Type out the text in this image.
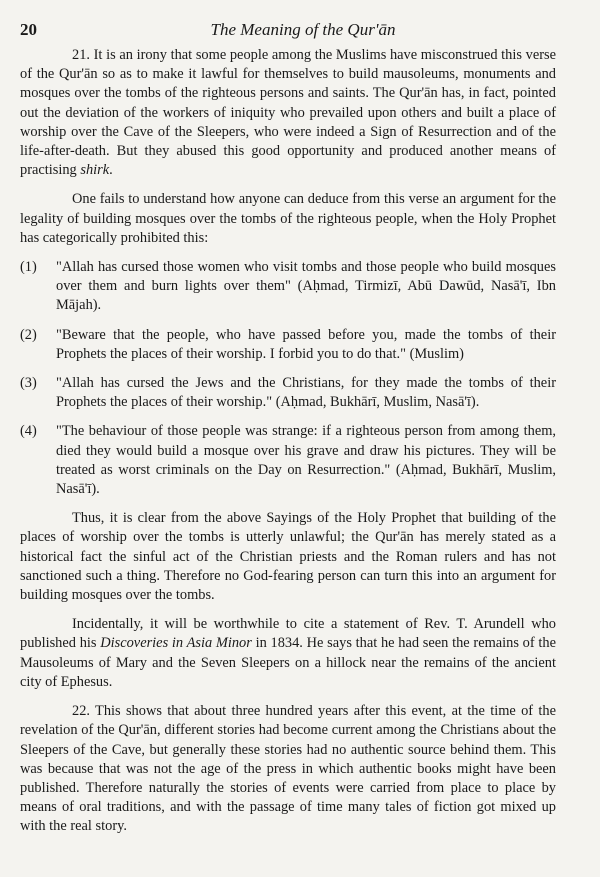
20	The Meaning of the Qur'ān

21. It is an irony that some people among the Muslims have misconstrued this verse of the Qur'ān so as to make it lawful for themselves to build mausoleums, monuments and mosques over the tombs of the righteous persons and saints. The Qur'ān has, in fact, pointed out the deviation of the workers of iniquity who prevailed upon others and built a place of worship over the Cave of the Sleepers, who were indeed a Sign of Resurrection and of the life-after-death. But they abused this good opportunity and produced another means of practising shirk.

One fails to understand how anyone can deduce from this verse an argument for the legality of building mosques over the tombs of the righteous people, when the Holy Prophet has categorically prohibited this:

(1)	"Allah has cursed those women who visit tombs and those people who build mosques over them and burn lights over them" (Aḥmad, Tirmizī, Abū Dawūd, Nasā'ī, Ibn Mājah).
(2)	"Beware that the people, who have passed before you, made the tombs of their Prophets the places of their worship. I forbid you to do that." (Muslim)
(3)	"Allah has cursed the Jews and the Christians, for they made the tombs of their Prophets the places of their worship." (Aḥmad, Bukhārī, Muslim, Nasā'ī).
(4)	"The behaviour of those people was strange: if a righteous person from among them, died they would build a mosque over his grave and draw his pictures. They will be treated as worst criminals on the Day on Resurrection." (Aḥmad, Bukhārī, Muslim, Nasā'ī).

Thus, it is clear from the above Sayings of the Holy Prophet that building of the places of worship over the tombs is utterly unlawful; the Qur'ān has merely stated as a historical fact the sinful act of the Christian priests and the Roman rulers and has not sanctioned such a thing. Therefore no God-fearing person can turn this into an argument for building mosques over the tombs.

Incidentally, it will be worthwhile to cite a statement of Rev. T. Arundell who published his Discoveries in Asia Minor in 1834. He says that he had seen the remains of the Mausoleums of Mary and the Seven Sleepers on a hillock near the remains of the ancient city of Ephesus.

22. This shows that about three hundred years after this event, at the time of the revelation of the Qur'ān, different stories had become current among the Christians about the Sleepers of the Cave, but generally these stories had no authentic source behind them. This was because that was not the age of the press in which authentic books might have been published. Therefore naturally the stories of events were carried from place to place by means of oral traditions, and with the passage of time many tales of fiction got mixed up with the real story.
